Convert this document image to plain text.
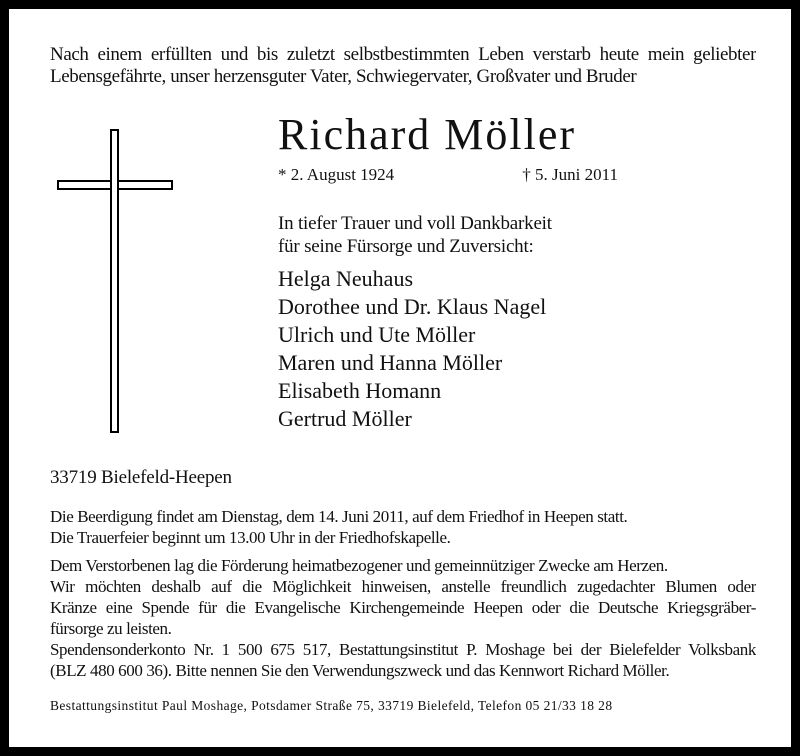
Nach einem erfüllten und bis zuletzt selbstbestimmten Leben verstarb heute mein geliebter
Lebensgefährte, unser herzensguter Vater, Schwiegervater, Großvater und Bruder
Richard Möller
* 2. August 1924	† 5. Juni 2011
In tiefer Trauer und voll Dankbarkeit
für seine Fürsorge und Zuversicht:
Helga Neuhaus
Dorothee und Dr. Klaus Nagel
Ulrich und Ute Möller
Maren und Hanna Möller
Elisabeth Homann
Gertrud Möller
33719 Bielefeld-Heepen
Die Beerdigung findet am Dienstag, dem 14. Juni 2011, auf dem Friedhof in Heepen statt.
Die Trauerfeier beginnt um 13.00 Uhr in der Friedhofskapelle.
Dem Verstorbenen lag die Förderung heimatbezogener und gemeinnütziger Zwecke am Herzen.
Wir möchten deshalb auf die Möglichkeit hinweisen, anstelle freundlich zugedachter Blumen oder
Kränze eine Spende für die Evangelische Kirchengemeinde Heepen oder die Deutsche Kriegsgräber-
fürsorge zu leisten.
Spendensonderkonto Nr. 1 500 675 517, Bestattungsinstitut P. Moshage bei der Bielefelder Volksbank
(BLZ 480 600 36). Bitte nennen Sie den Verwendungszweck und das Kennwort Richard Möller.
Bestattungsinstitut Paul Moshage, Potsdamer Straße 75, 33719 Bielefeld, Telefon 05 21/33 18 28
